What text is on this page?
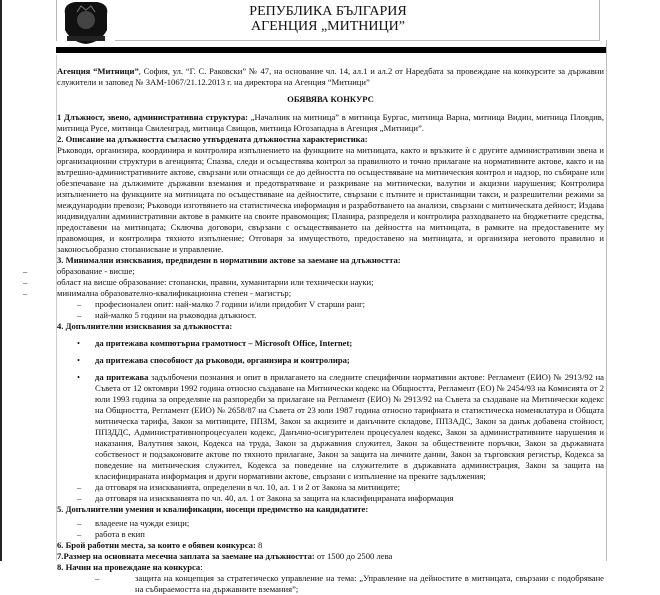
РЕПУБЛИКА БЪЛГАРИЯ
АГЕНЦИЯ „МИТНИЦИ”

Агенция “Митници”, София, ул. “Г. С. Раковски” № 47, на основание чл. 14, ал.1 и ал.2 от Наредбата за провеждане на конкурсите за държавни служители и заповед № ЗАМ-1067/21.12.2013 г. на директора на Агенция “Митници”

ОБЯВЯВА КОНКУРС

1 Длъжност, звено, административна структура: „Началник на митница” в митница Бургас, митница Варна, митница Видин, митница Пловдив, митница Русе, митница Свиленград, митница Свищов, митница Югозападна в Агенция „Митници”.

2. Описание на длъжността съгласно утвърдената длъжностна характеристика:

Ръководи, организира, координира и контролира изпълнението на функциите на митницата, както и връзките ѝ с другите административни звена и организационни структури в агенцията; Спазва, следи и осъществява контрол за правилното и точно прилагане на нормативните актове, както и на вътрешно-административните актове, свързани или отнасящи се до дейността по осъществяване на митническия контрол и надзор, по събиране или обезпечаване на дължимите държавни вземания и предотвратяване и разкриване на митнически, валутни и акцизни нарушения; Контролира изпълнението на функциите на митницата по осъществяване на дейностите, свързани с пътните и пристанищни такси, и разрешителни режими за международни превози; Ръководи изготвянето на статистическа информация и разработването на анализи, свързани с митническата дейност; Издава индивидуални административни актове в рамките на своите правомощия; Планира, разпределя и контролира разходването на бюджетните средства, предоставени на митницата; Сключва договори, свързани с осъществяването на дейността на митницата, в рамките на предоставените му правомощия, и контролира тяхното изпълнение; Отговаря за имуществото, предоставено на митницата, и организира неговото правилно и законосъобразно стопанисване и управление.

3. Минимални изисквания, предвидени в нормативни актове за заемане на длъжността:

–	образование - висше;
–	област на висше образование: стопански, правни, хуманитарни или технически науки;
–	минимална образователно-квалификационна степен - магистър;
– професионален опит: най-малко 7 години и/или придобит V старши ранг;
– най-малко 5 години на ръководна длъжност.

4. Допълнителни изисквания за длъжността:

• да притежава компютърна грамотност – Microsoft Office, Internet;
• да притежава способност да ръководи, организира и контролира;
• да притежава задълбочени познания и опит в прилагането на следните специфични нормативни актове: Регламент (ЕИО) № 2913/92 на Съвета от 12 октомври 1992 година относно създаване на Митнически кодекс на Общността, Регламент (ЕО) № 2454/93 на Комисията от 2 юли 1993 година за определяне на разпоредби за прилагане на Регламент (ЕИО) № 2913/92 на Съвета за създаване на Митнически кодекс на Общността, Регламент (ЕИО) № 2658/87 на Съвета от 23 юли 1987 година относно тарифната и статистическа номенклатура и Общата митническа тарифа, Закон за митниците, ППЗМ, Закон за акцизите и данъчните складове, ППЗАДС, Закон за данък добавена стойност, ППЗДДС, Административнопроцесуален кодекс, Данъчно-осигурителен процесуален кодекс, Закон за административните нарушения и наказания, Валутния закон, Кодекса на труда, Закон за държавния служител, Закон за обществените поръчки, Закон за държавната собственост и подзаконовите актове по тяхното прилагане, Закон за защита на личните данни, Закон за търговския регистър, Кодекса за поведение на митническия служител, Кодекса за поведение на служителите в държавната администрация, Закон за защита на класифицираната информация и други нормативни актове, свързани с изпълнение на преките задължения;
– да отговаря на изискванията, определени в чл. 10, ал. 1 и 2 от Закона за митниците;
– да отговаря на изискванията по чл. 40, ал. 1 от Закона за защита на класифицираната информация

5. Допълнителни умения и квалификации, носещи предимство на кандидатите:

– владеене на чужди езици;
– работа в екип

6. Брой работни места, за които е обявен конкурса: 8

7.Размер на основната месечна заплата за заемане на длъжността: от 1500 до 2500 лева

8. Начин на провеждане на конкурса:

–	защита на концепция за стратегическо управление на тема: „Управление на дейностите в митницата, свързани с подобряване на събираемостта на държавните вземания”;
